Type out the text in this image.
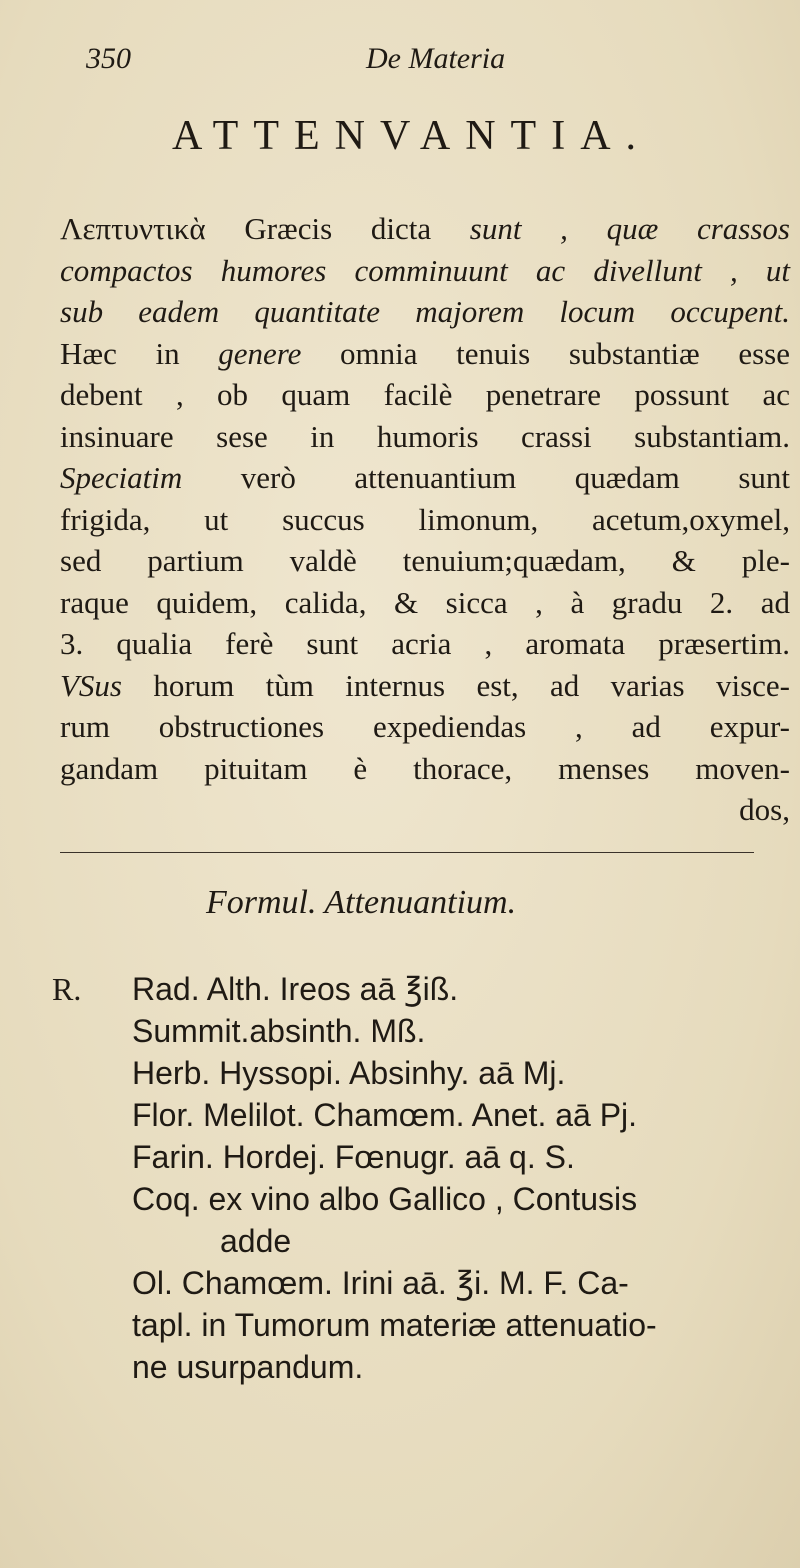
350	De Materia
ATTENVANTIA.
Λεπτυντικὰ Græcis dicta sunt , quæ crassos
compactos humores comminuunt ac divellunt , ut
sub eadem quantitate majorem locum occupent.
Hæc in genere omnia tenuis substantiæ esse
debent , ob quam facilè penetrare possunt ac
insinuare sese in humoris crassi substantiam.
Speciatim verò attenuantium quædam sunt
frigida, ut succus limonum, acetum,oxymel,
sed partium valdè tenuium;quædam, & ple-
raque quidem, calida, & sicca , à gradu 2. ad
3. qualia ferè sunt acria , aromata præsertim.
VSus horum tùm internus est, ad varias visce-
rum obstructiones expediendas , ad expur-
gandam pituitam è thorace, menses moven-
dos,
Formul. Attenuantium.
R. Rad. Alth. Ireos aā ℥iß.
Summit.absinth. Mß.
Herb. Hyssopi. Absinhy. aā Mj.
Flor. Melilot. Chamœm. Anet. aā Pj.
Farin. Hordej. Fœnugr. aā q. S.
Coq. ex vino albo Gallico , Contusis
adde
Ol. Chamœm. Irini aā. ℥i. M. F. Ca-
tapl. in Tumorum materiæ attenuatio-
ne usurpandum.
